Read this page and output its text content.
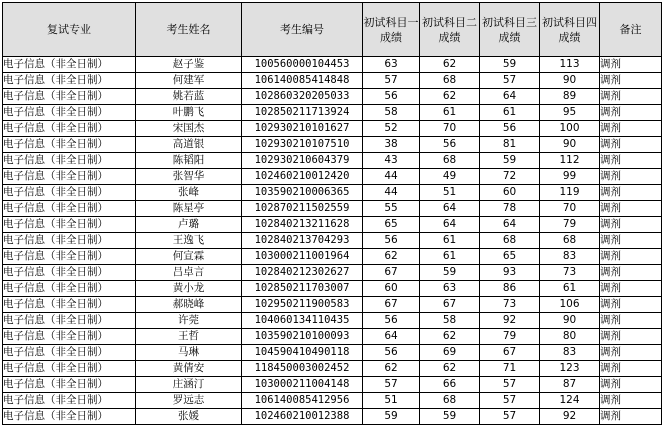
复试专业	考生姓名	考生编号	初试科目一成绩	初试科目二成绩	初试科目三成绩	初试科目四成绩	备注
电子信息（非全日制）	赵子鉴	100560000104453	63	62	59	113	调剂
电子信息（非全日制）	何建军	106140085414848	57	68	57	90	调剂
电子信息（非全日制）	姚若蓝	102860320205033	56	62	64	89	调剂
电子信息（非全日制）	叶鹏飞	102850211713924	58	61	61	95	调剂
电子信息（非全日制）	宋国杰	102930210101627	52	70	56	100	调剂
电子信息（非全日制）	高道银	102930210107510	38	56	81	90	调剂
电子信息（非全日制）	陈韬阳	102930210604379	43	68	59	112	调剂
电子信息（非全日制）	张智华	102460210012420	44	49	72	99	调剂
电子信息（非全日制）	张峰	103590210006365	44	51	60	119	调剂
电子信息（非全日制）	陈星亭	102870211502559	55	64	78	70	调剂
电子信息（非全日制）	卢璐	102840213211628	65	64	64	79	调剂
电子信息（非全日制）	王逸飞	102840213704293	56	61	68	68	调剂
电子信息（非全日制）	何宣霖	103000211001964	62	61	65	83	调剂
电子信息（非全日制）	吕卓言	102840212302627	67	59	93	73	调剂
电子信息（非全日制）	黄小龙	102850211703007	60	63	86	61	调剂
电子信息（非全日制）	郝晓峰	102950211900583	67	67	73	106	调剂
电子信息（非全日制）	许莞	104060134110435	56	58	92	90	调剂
电子信息（非全日制）	王哲	103590210100093	64	62	79	80	调剂
电子信息（非全日制）	马琳	104590410490118	56	69	67	83	调剂
电子信息（非全日制）	黄倩安	118450003002452	62	62	71	123	调剂
电子信息（非全日制）	庄涵汀	103000211004148	57	66	57	87	调剂
电子信息（非全日制）	罗远志	106140085412956	51	68	57	124	调剂
电子信息（非全日制）	张媛	102460210012388	59	59	57	92	调剂
